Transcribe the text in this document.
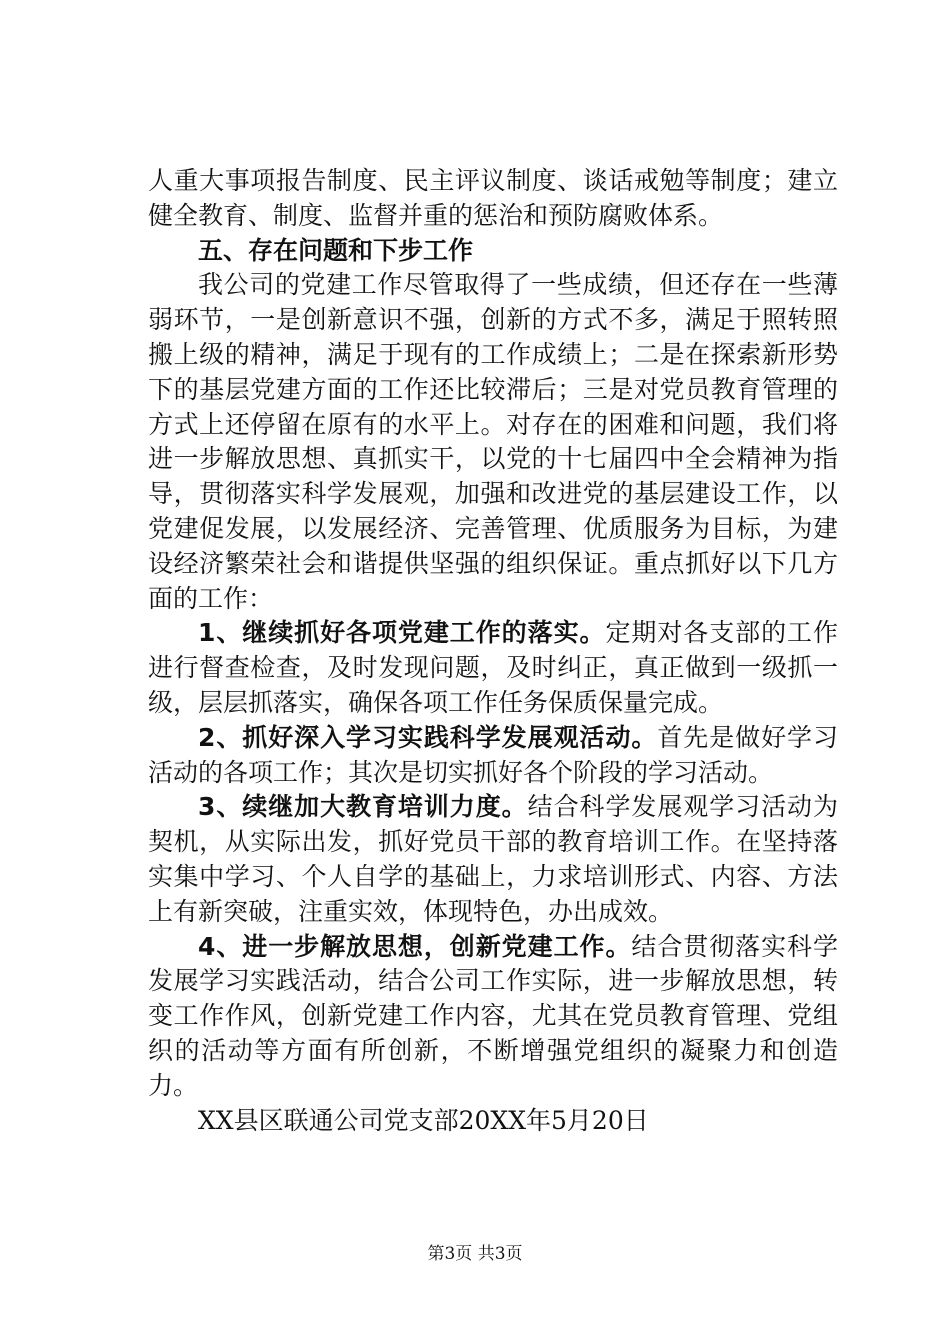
人重大事项报告制度、民主评议制度、谈话戒勉等制度；建立健全教育、制度、监督并重的惩治和预防腐败体系。

五、存在问题和下步工作

我公司的党建工作尽管取得了一些成绩，但还存在一些薄弱环节，一是创新意识不强，创新的方式不多，满足于照转照搬上级的精神，满足于现有的工作成绩上；二是在探索新形势下的基层党建方面的工作还比较滞后；三是对党员教育管理的方式上还停留在原有的水平上。对存在的困难和问题，我们将进一步解放思想、真抓实干，以党的十七届四中全会精神为指导，贯彻落实科学发展观，加强和改进党的基层建设工作，以党建促发展，以发展经济、完善管理、优质服务为目标，为建设经济繁荣社会和谐提供坚强的组织保证。重点抓好以下几方面的工作：

1、继续抓好各项党建工作的落实。定期对各支部的工作进行督查检查，及时发现问题，及时纠正，真正做到一级抓一级，层层抓落实，确保各项工作任务保质保量完成。

2、抓好深入学习实践科学发展观活动。首先是做好学习活动的各项工作；其次是切实抓好各个阶段的学习活动。

3、续继加大教育培训力度。结合科学发展观学习活动为契机，从实际出发，抓好党员干部的教育培训工作。在坚持落实集中学习、个人自学的基础上，力求培训形式、内容、方法上有新突破，注重实效，体现特色，办出成效。

4、进一步解放思想，创新党建工作。结合贯彻落实科学发展学习实践活动，结合公司工作实际，进一步解放思想，转变工作作风，创新党建工作内容，尤其在党员教育管理、党组织的活动等方面有所创新，不断增强党组织的凝聚力和创造力。

XX县区联通公司党支部20XX年5月20日

第3页 共3页
